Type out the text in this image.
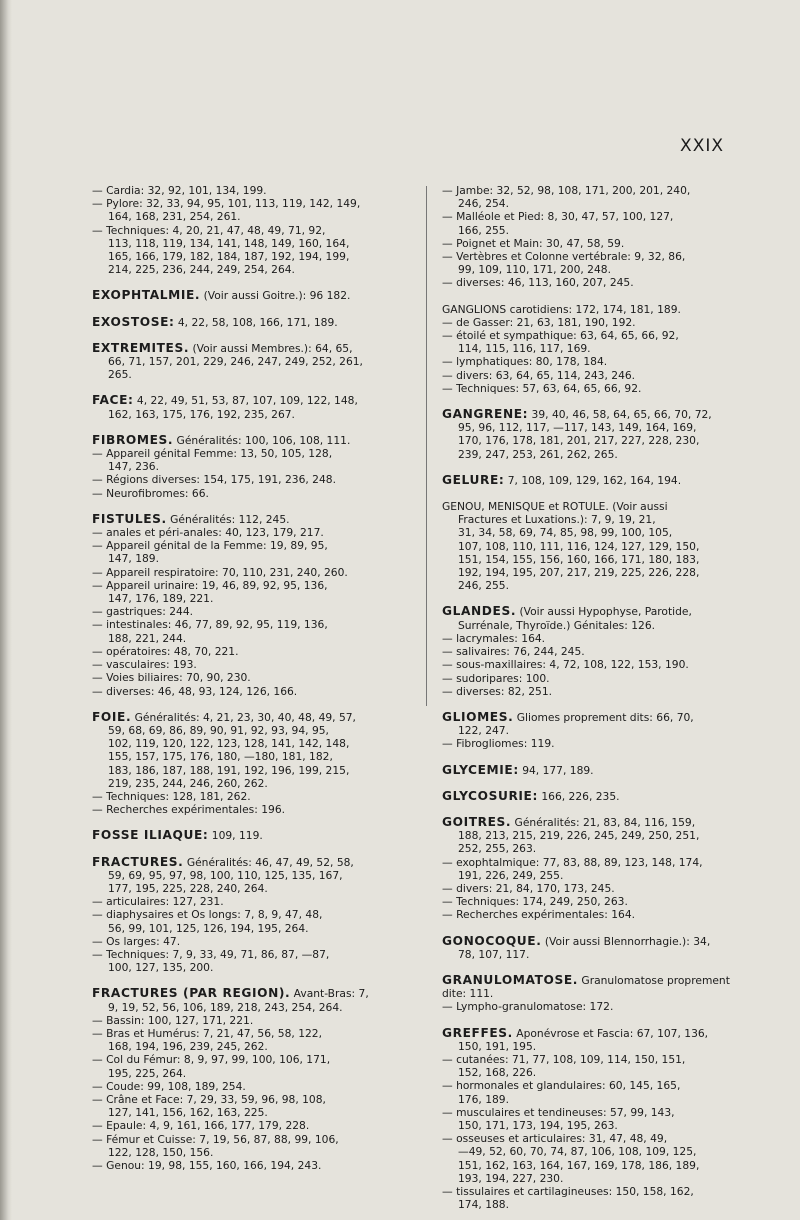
XXIX
— Cardia: 32, 92, 101, 134, 199.
— Pylore: 32, 33, 94, 95, 101, 113, 119, 142, 149,
164, 168, 231, 254, 261.
— Techniques: 4, 20, 21, 47, 48, 49, 71, 92,
113, 118, 119, 134, 141, 148, 149, 160, 164,
165, 166, 179, 182, 184, 187, 192, 194, 199,
214, 225, 236, 244, 249, 254, 264.
EXOPHTALMIE. (Voir aussi Goitre.): 96 182.
EXOSTOSE: 4, 22, 58, 108, 166, 171, 189.
EXTREMITES. (Voir aussi Membres.): 64, 65,
66, 71, 157, 201, 229, 246, 247, 249, 252, 261,
265.
FACE: 4, 22, 49, 51, 53, 87, 107, 109, 122, 148,
162, 163, 175, 176, 192, 235, 267.
FIBROMES. Généralités: 100, 106, 108, 111.
— Appareil génital Femme: 13, 50, 105, 128,
147, 236.
— Régions diverses: 154, 175, 191, 236, 248.
— Neurofibromes: 66.
FISTULES. Généralités: 112, 245.
— anales et péri-anales: 40, 123, 179, 217.
— Appareil génital de la Femme: 19, 89, 95,
147, 189.
— Appareil respiratoire: 70, 110, 231, 240, 260.
— Appareil urinaire: 19, 46, 89, 92, 95, 136,
147, 176, 189, 221.
— gastriques: 244.
— intestinales: 46, 77, 89, 92, 95, 119, 136,
188, 221, 244.
— opératoires: 48, 70, 221.
— vasculaires: 193.
— Voies biliaires: 70, 90, 230.
— diverses: 46, 48, 93, 124, 126, 166.
FOIE. Généralités: 4, 21, 23, 30, 40, 48, 49, 57,
59, 68, 69, 86, 89, 90, 91, 92, 93, 94, 95,
102, 119, 120, 122, 123, 128, 141, 142, 148,
155, 157, 175, 176, 180, —180, 181, 182,
183, 186, 187, 188, 191, 192, 196, 199, 215,
219, 235, 244, 246, 260, 262.
— Techniques: 128, 181, 262.
— Recherches expérimentales: 196.
FOSSE ILIAQUE: 109, 119.
FRACTURES. Généralités: 46, 47, 49, 52, 58,
59, 69, 95, 97, 98, 100, 110, 125, 135, 167,
177, 195, 225, 228, 240, 264.
— articulaires: 127, 231.
— diaphysaires et Os longs: 7, 8, 9, 47, 48,
56, 99, 101, 125, 126, 194, 195, 264.
— Os larges: 47.
— Techniques: 7, 9, 33, 49, 71, 86, 87, —87,
100, 127, 135, 200.
FRACTURES (PAR REGION). Avant-Bras: 7,
9, 19, 52, 56, 106, 189, 218, 243, 254, 264.
— Bassin: 100, 127, 171, 221.
— Bras et Humérus: 7, 21, 47, 56, 58, 122,
168, 194, 196, 239, 245, 262.
— Col du Fémur: 8, 9, 97, 99, 100, 106, 171,
195, 225, 264.
— Coude: 99, 108, 189, 254.
— Crâne et Face: 7, 29, 33, 59, 96, 98, 108,
127, 141, 156, 162, 163, 225.
— Epaule: 4, 9, 161, 166, 177, 179, 228.
— Fémur et Cuisse: 7, 19, 56, 87, 88, 99, 106,
122, 128, 150, 156.
— Genou: 19, 98, 155, 160, 166, 194, 243.
— Jambe: 32, 52, 98, 108, 171, 200, 201, 240,
246, 254.
— Malléole et Pied: 8, 30, 47, 57, 100, 127,
166, 255.
— Poignet et Main: 30, 47, 58, 59.
— Vertèbres et Colonne vertébrale: 9, 32, 86,
99, 109, 110, 171, 200, 248.
— diverses: 46, 113, 160, 207, 245.
GANGLIONS carotidiens: 172, 174, 181, 189.
— de Gasser: 21, 63, 181, 190, 192.
— étoilé et sympathique: 63, 64, 65, 66, 92,
114, 115, 116, 117, 169.
— lymphatiques: 80, 178, 184.
— divers: 63, 64, 65, 114, 243, 246.
— Techniques: 57, 63, 64, 65, 66, 92.
GANGRENE: 39, 40, 46, 58, 64, 65, 66, 70, 72,
95, 96, 112, 117, —117, 143, 149, 164, 169,
170, 176, 178, 181, 201, 217, 227, 228, 230,
239, 247, 253, 261, 262, 265.
GELURE: 7, 108, 109, 129, 162, 164, 194.
GENOU, MENISQUE et ROTULE. (Voir aussi
Fractures et Luxations.): 7, 9, 19, 21,
31, 34, 58, 69, 74, 85, 98, 99, 100, 105,
107, 108, 110, 111, 116, 124, 127, 129, 150,
151, 154, 155, 156, 160, 166, 171, 180, 183,
192, 194, 195, 207, 217, 219, 225, 226, 228,
246, 255.
GLANDES. (Voir aussi Hypophyse, Parotide,
Surrénale, Thyroïde.) Génitales: 126.
— lacrymales: 164.
— salivaires: 76, 244, 245.
— sous-maxillaires: 4, 72, 108, 122, 153, 190.
— sudoripares: 100.
— diverses: 82, 251.
GLIOMES. Gliomes proprement dits: 66, 70,
122, 247.
— Fibrogliomes: 119.
GLYCEMIE: 94, 177, 189.
GLYCOSURIE: 166, 226, 235.
GOITRES. Généralités: 21, 83, 84, 116, 159,
188, 213, 215, 219, 226, 245, 249, 250, 251,
252, 255, 263.
— exophtalmique: 77, 83, 88, 89, 123, 148, 174,
191, 226, 249, 255.
— divers: 21, 84, 170, 173, 245.
— Techniques: 174, 249, 250, 263.
— Recherches expérimentales: 164.
GONOCOQUE. (Voir aussi Blennorrhagie.): 34,
78, 107, 117.
GRANULOMATOSE. Granulomatose proprement dite: 111.
— Lympho-granulomatose: 172.
GREFFES. Aponévrose et Fascia: 67, 107, 136,
150, 191, 195.
— cutanées: 71, 77, 108, 109, 114, 150, 151,
152, 168, 226.
— hormonales et glandulaires: 60, 145, 165,
176, 189.
— musculaires et tendineuses: 57, 99, 143,
150, 171, 173, 194, 195, 263.
— osseuses et articulaires: 31, 47, 48, 49,
—49, 52, 60, 70, 74, 87, 106, 108, 109, 125,
151, 162, 163, 164, 167, 169, 178, 186, 189,
193, 194, 227, 230.
— tissulaires et cartilagineuses: 150, 158, 162,
174, 188.
